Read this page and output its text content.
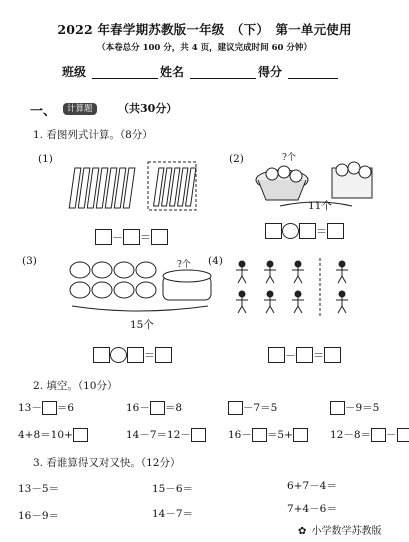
2022 年春学期苏教版一年级　（下）　第一单元使用
（本卷总分 100 分，共 4 页，建议完成时间 60 分钟）
班级	姓名	得分
一、	计算题	（共30分）
1. 看图列式计算。（8分）
(1)
－ ＝
(2)	?个
11个
＝
(3)	?个
15个
＝
(4)
－ ＝
2. 填空。（10分）
13－ ＝6	16－ ＝8	－7＝5	－9＝5
4+8＝10+	14－7＝12－	16－ ＝5+	12－8＝ －
3. 看谁算得又对又快。（12分）
13－5＝	15－6＝	6+7－4＝
16－9＝	14－7＝	7+4－6＝
✿ 小学数学苏教版
